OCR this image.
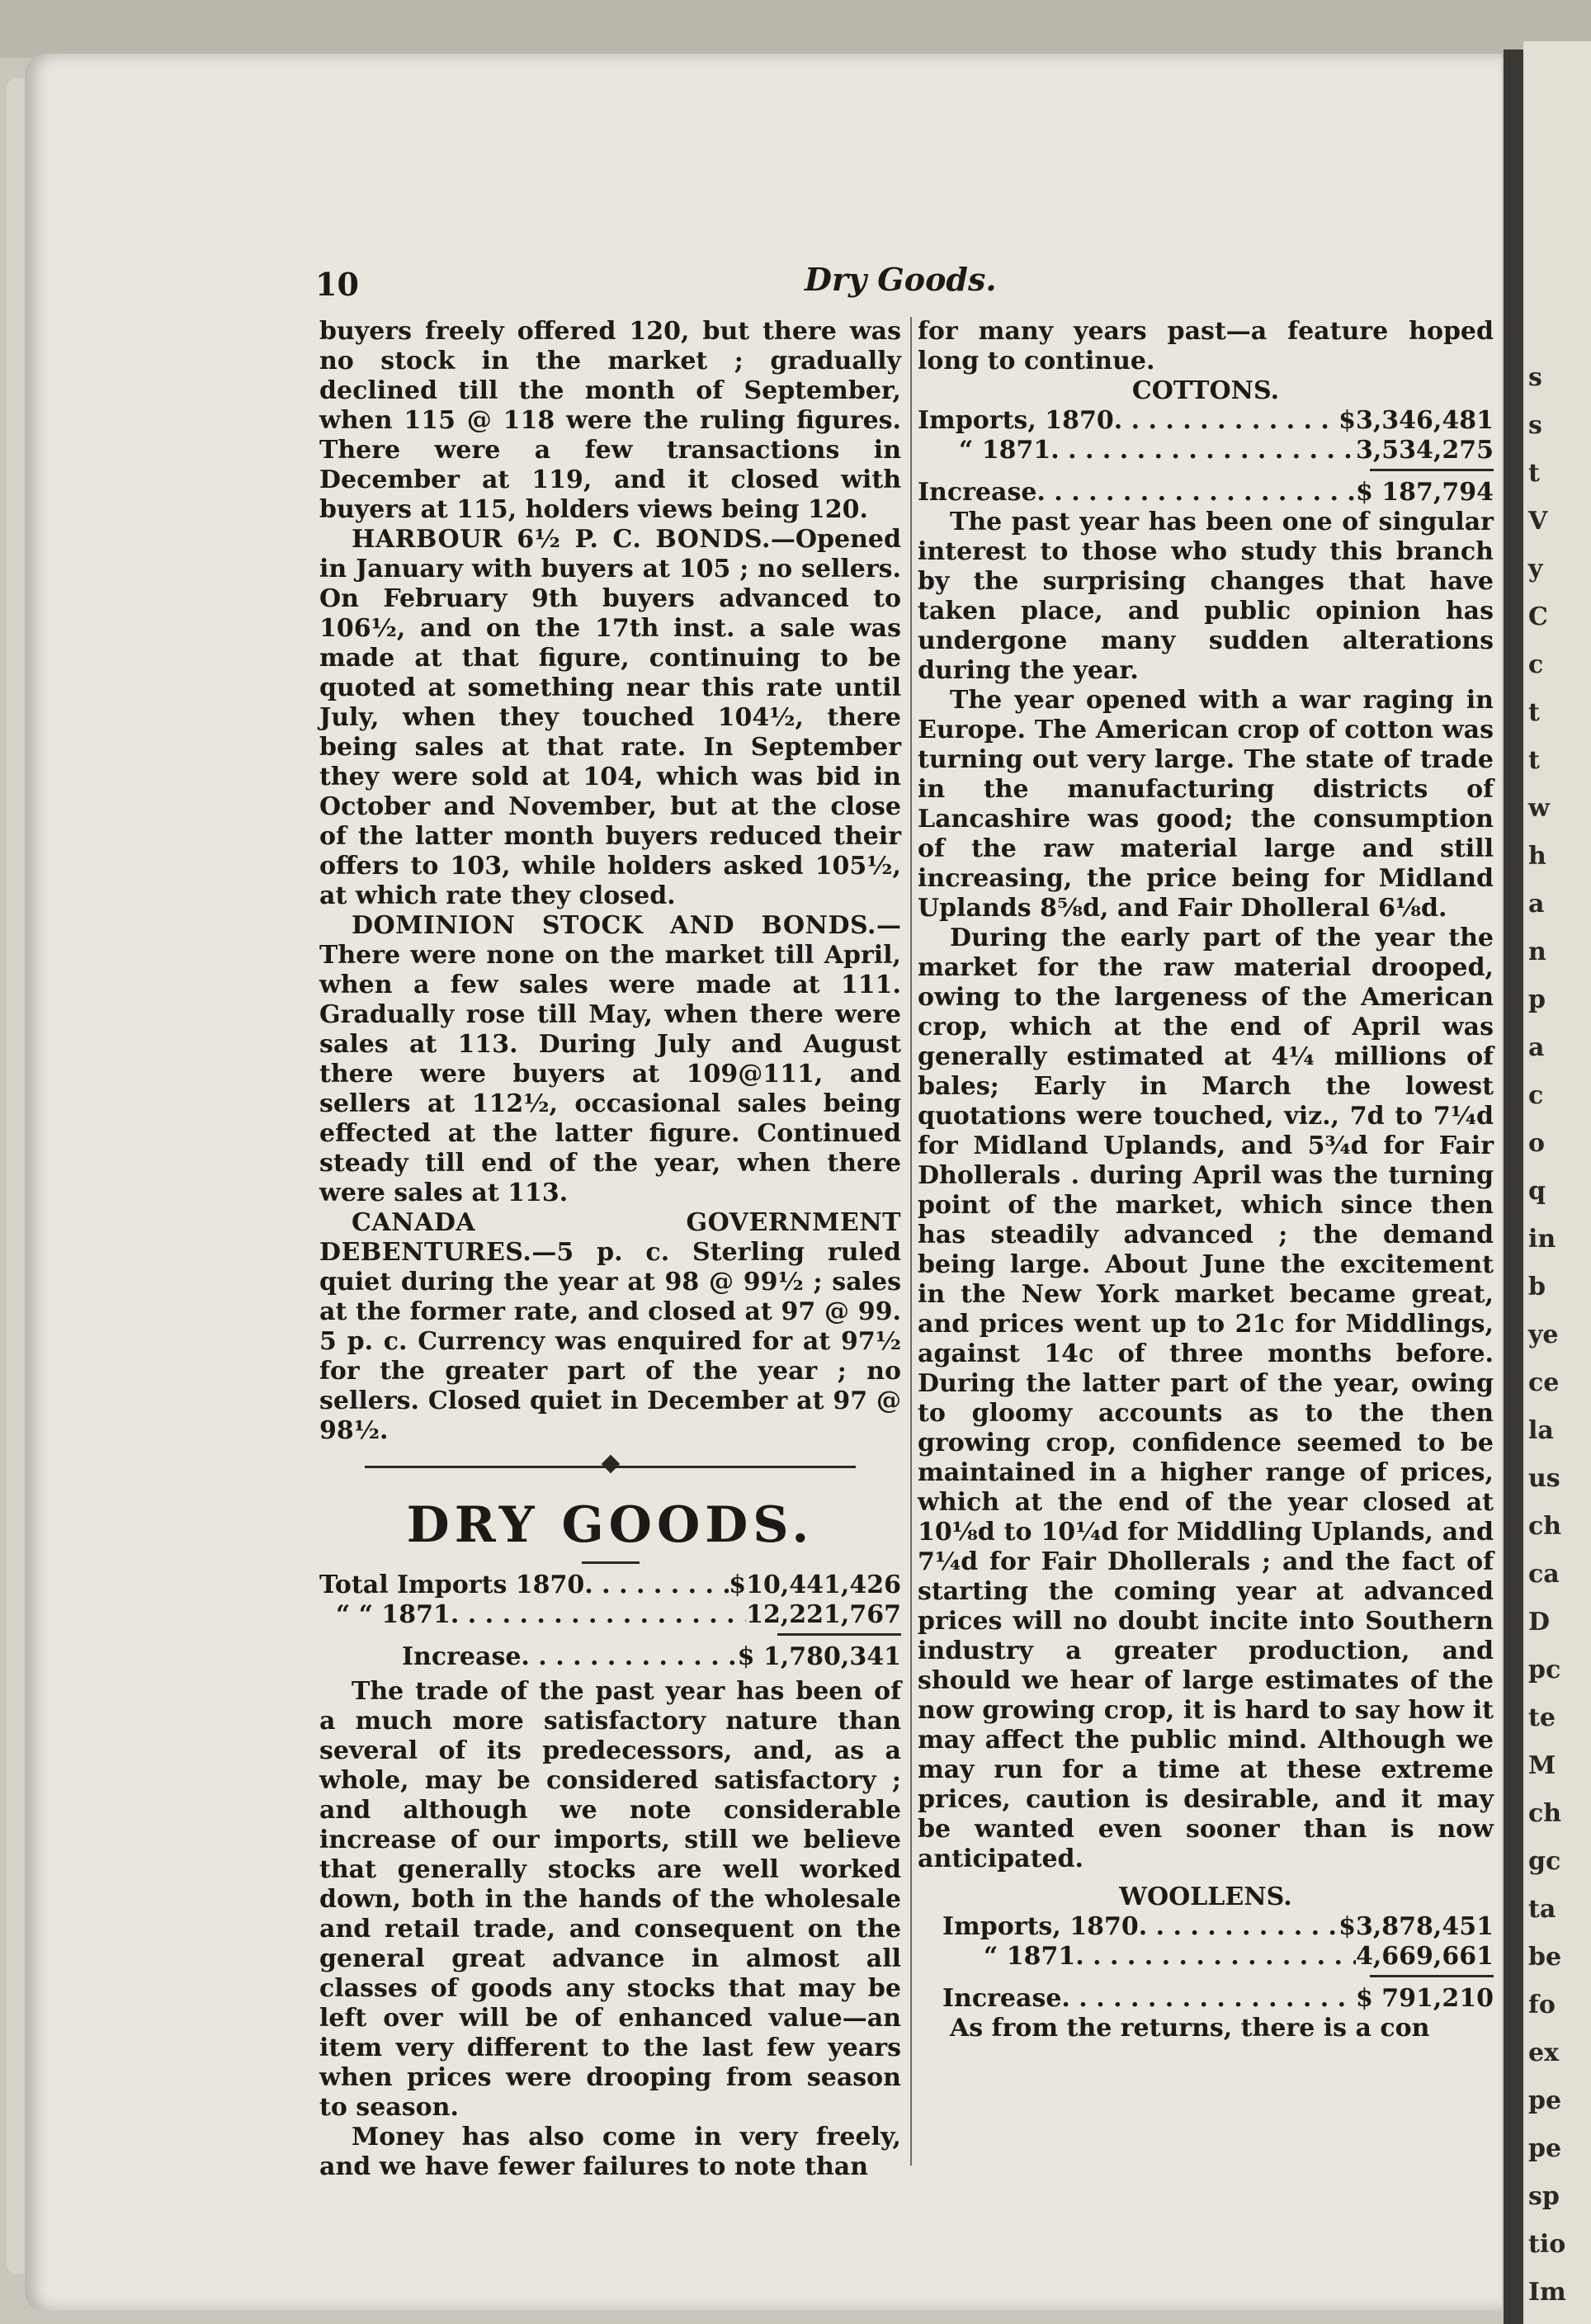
s
s
t
V
y
C
c
t
t
w
h
a
n
p
a
c
o
q
in
b
ye
ce
la
us
ch
ca
D
pc
te
M
ch
gc
ta
be
fo
ex
pe
pe
sp
tio
Im
10	Dry Goods.

buyers freely offered 120, but there was no stock in the market ; gradually declined till the month of September, when 115 @ 118 were the ruling figures. There were a few transactions in December at 119, and it closed with buyers at 115, holders views being 120.

HARBOUR 6½ P. C. BONDS.—Opened in January with buyers at 105 ; no sellers. On February 9th buyers advanced to 106½, and on the 17th inst. a sale was made at that figure, continuing to be quoted at something near this rate until July, when they touched 104½, there being sales at that rate. In September they were sold at 104, which was bid in October and November, but at the close of the latter month buyers reduced their offers to 103, while holders asked 105½, at which rate they closed.

DOMINION STOCK AND BONDS.— There were none on the market till April, when a few sales were made at 111. Gradually rose till May, when there were sales at 113. During July and August there were buyers at 109@111, and sellers at 112½, occasional sales being effected at the latter figure. Continued steady till end of the year, when there were sales at 113.

CANADA GOVERNMENT DEBENTURES.—5 p. c. Sterling ruled quiet during the year at 98 @ 99½ ; sales at the former rate, and closed at 97 @ 99. 5 p. c. Currency was enquired for at 97½ for the greater part of the year ; no sellers. Closed quiet in December at 97 @ 98½.

DRY GOODS.
Total Imports 1870 . . .	$10,441,426
“ “ 1871 . . .	12,221,767
Increase . . .	$ 1,780,341

The trade of the past year has been of a much more satisfactory nature than several of its predecessors, and, as a whole, may be considered satisfactory ; and although we note considerable increase of our imports, still we believe that generally stocks are well worked down, both in the hands of the wholesale and retail trade, and consequent on the general great advance in almost all classes of goods any stocks that may be left over will be of enhanced value—an item very different to the last few years when prices were drooping from season to season.

Money has also come in very freely, and we have fewer failures to note than

for many years past—a feature hoped long to continue.

COTTONS.
Imports, 1870 . . .	$3,346,481
“ 1871 . . .	3,534,275
Increase . . .	$ 187,794

The past year has been one of singular interest to those who study this branch by the surprising changes that have taken place, and public opinion has undergone many sudden alterations during the year.

The year opened with a war raging in Europe. The American crop of cotton was turning out very large. The state of trade in the manufacturing districts of Lancashire was good; the consumption of the raw material large and still increasing, the price being for Midland Uplands 8⅝d, and Fair Dholleral 6⅛d.

During the early part of the year the market for the raw material drooped, owing to the largeness of the American crop, which at the end of April was generally estimated at 4¼ millions of bales; Early in March the lowest quotations were touched, viz., 7d to 7¼d for Midland Uplands, and 5¾d for Fair Dhollerals . during April was the turning point of the market, which since then has steadily advanced ; the demand being large. About June the excitement in the New York market became great, and prices went up to 21c for Middlings, against 14c of three months before. During the latter part of the year, owing to gloomy accounts as to the then growing crop, confidence seemed to be maintained in a higher range of prices, which at the end of the year closed at 10⅛d to 10¼d for Middling Uplands, and 7¼d for Fair Dhollerals ; and the fact of starting the coming year at advanced prices will no doubt incite into Southern industry a greater production, and should we hear of large estimates of the now growing crop, it is hard to say how it may affect the public mind. Although we may run for a time at these extreme prices, caution is desirable, and it may be wanted even sooner than is now anticipated.

WOOLLENS.
Imports, 1870 . . .	$3,878,451
“ 1871 . . .	4,669,661
Increase . . .	$ 791,210

As from the returns, there is a con
